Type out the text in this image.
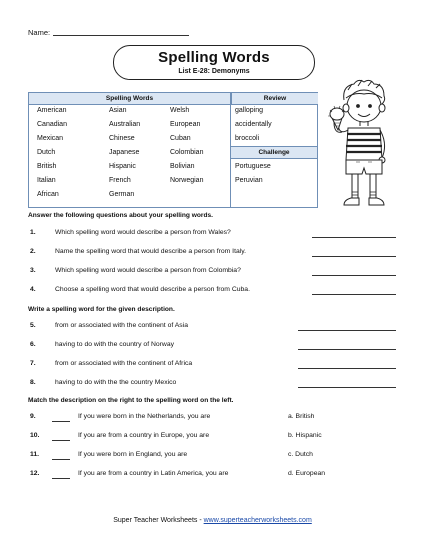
Name:
Spelling Words
List E-28: Demonyms
Spelling Words	Review
American	Asian	Welsh
Canadian	Australian	European
Mexican	Chinese	Cuban
Dutch	Japanese	Colombian
British	Hispanic	Bolivian
Italian	French	Norwegian
African	German
galloping
accidentally
broccoli
Challenge
Portuguese
Peruvian
Answer the following questions about your spelling words.
1.	Which spelling word would describe a person from Wales?
2.	Name the spelling word that would describe a person from Italy.
3.	Which spelling word would describe a person from Colombia?
4.	Choose a spelling word that would describe a person from Cuba.
Write a spelling word for the given description.
5.	from or associated with the continent of Asia
6.	having to do with the country of Norway
7.	from or associated with the continent of Africa
8.	having to do with the the country Mexico
Match the description on the right to the spelling word on the left.
9.	If you were born in the Netherlands, you are	a. British
10.	If you are from a country in Europe, you are	b. Hispanic
11.	If you were born in England, you are	c. Dutch
12.	If you are from a country in Latin America, you are	d. European
Super Teacher Worksheets - www.superteacherworksheets.com
